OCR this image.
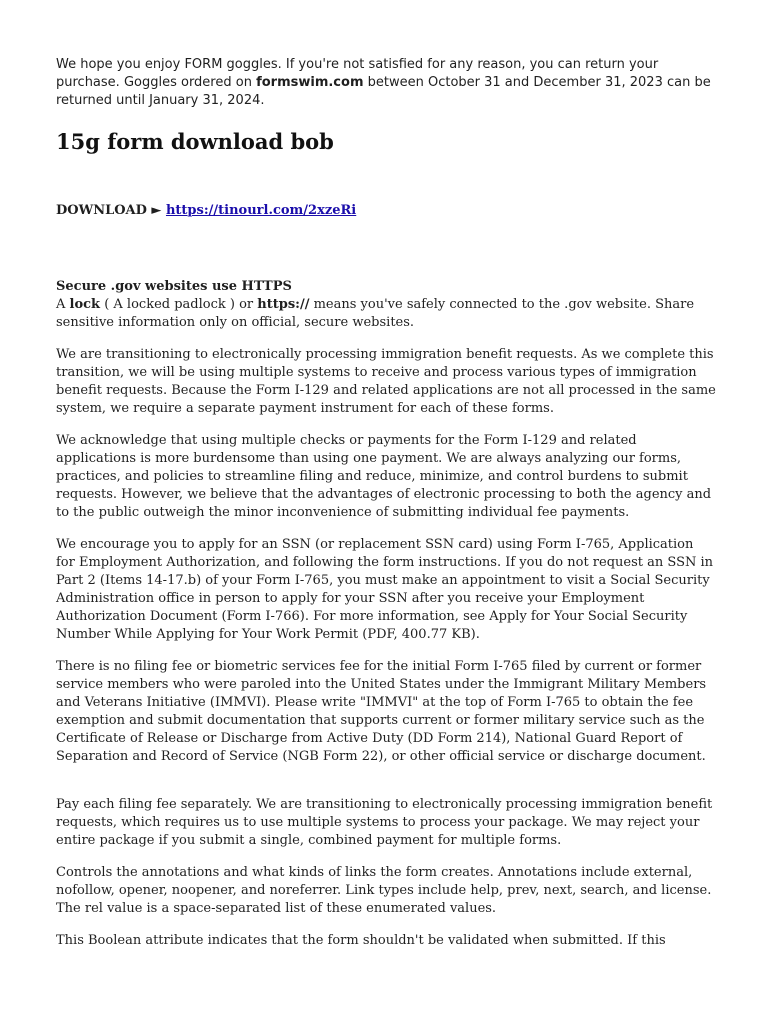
We hope you enjoy FORM goggles. If you're not satisfied for any reason, you can return your purchase. Goggles ordered on formswim.com between October 31 and December 31, 2023 can be returned until January 31, 2024.

15g form download bob
DOWNLOAD ► https://tinourl.com/2xzeRi

Secure .gov websites use HTTPS

A lock ( A locked padlock ) or https:// means you've safely connected to the .gov website. Share sensitive information only on official, secure websites.

We are transitioning to electronically processing immigration benefit requests. As we complete this transition, we will be using multiple systems to receive and process various types of immigration benefit requests. Because the Form I-129 and related applications are not all processed in the same system, we require a separate payment instrument for each of these forms.

We acknowledge that using multiple checks or payments for the Form I-129 and related applications is more burdensome than using one payment. We are always analyzing our forms, practices, and policies to streamline filing and reduce, minimize, and control burdens to submit requests. However, we believe that the advantages of electronic processing to both the agency and to the public outweigh the minor inconvenience of submitting individual fee payments.

We encourage you to apply for an SSN (or replacement SSN card) using Form I-765, Application for Employment Authorization, and following the form instructions. If you do not request an SSN in Part 2 (Items 14-17.b) of your Form I-765, you must make an appointment to visit a Social Security Administration office in person to apply for your SSN after you receive your Employment Authorization Document (Form I-766). For more information, see Apply for Your Social Security Number While Applying for Your Work Permit (PDF, 400.77 KB).

There is no filing fee or biometric services fee for the initial Form I-765 filed by current or former service members who were paroled into the United States under the Immigrant Military Members and Veterans Initiative (IMMVI). Please write "IMMVI" at the top of Form I-765 to obtain the fee exemption and submit documentation that supports current or former military service such as the Certificate of Release or Discharge from Active Duty (DD Form 214), National Guard Report of Separation and Record of Service (NGB Form 22), or other official service or discharge document.

Pay each filing fee separately. We are transitioning to electronically processing immigration benefit requests, which requires us to use multiple systems to process your package. We may reject your entire package if you submit a single, combined payment for multiple forms.

Controls the annotations and what kinds of links the form creates. Annotations include external, nofollow, opener, noopener, and noreferrer. Link types include help, prev, next, search, and license. The rel value is a space-separated list of these enumerated values.

This Boolean attribute indicates that the form shouldn't be validated when submitted. If this
